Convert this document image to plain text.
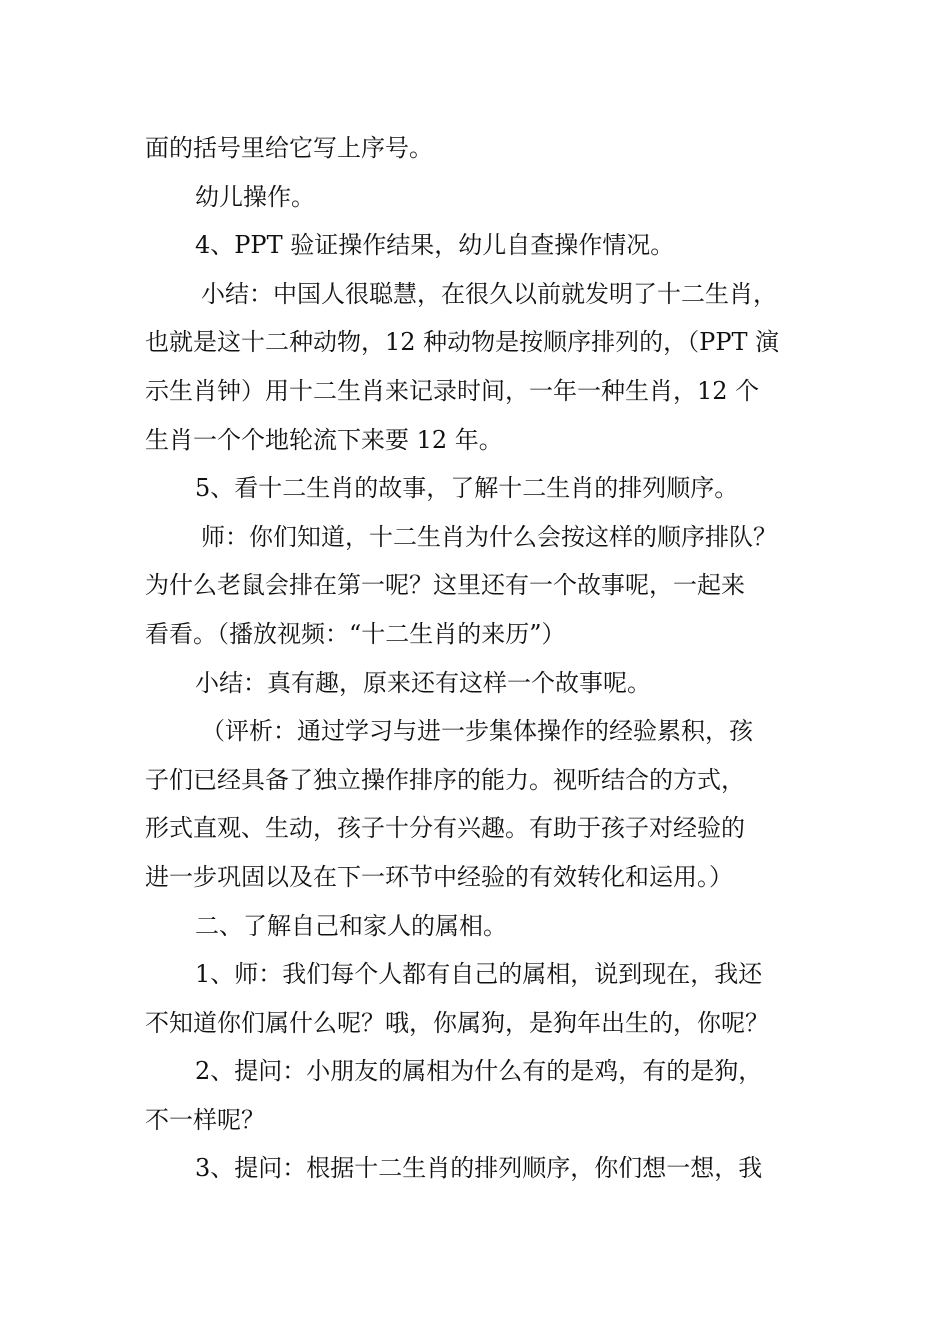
面的括号里给它写上序号。
幼儿操作。
4、PPT 验证操作结果，幼儿自查操作情况。
小结：中国人很聪慧，在很久以前就发明了十二生肖，
也就是这十二种动物，12 种动物是按顺序排列的，（PPT 演
示生肖钟）用十二生肖来记录时间，一年一种生肖，12 个
生肖一个个地轮流下来要 12 年。
5、看十二生肖的故事，了解十二生肖的排列顺序。
师：你们知道，十二生肖为什么会按这样的顺序排队？
为什么老鼠会排在第一呢？这里还有一个故事呢，一起来
看看。（播放视频：“十二生肖的来历”）
小结：真有趣，原来还有这样一个故事呢。
（评析：通过学习与进一步集体操作的经验累积，孩
子们已经具备了独立操作排序的能力。视听结合的方式，
形式直观、生动，孩子十分有兴趣。有助于孩子对经验的
进一步巩固以及在下一环节中经验的有效转化和运用。）
二、了解自己和家人的属相。
1、师：我们每个人都有自己的属相，说到现在，我还
不知道你们属什么呢？哦，你属狗，是狗年出生的，你呢？
2、提问：小朋友的属相为什么有的是鸡，有的是狗，
不一样呢？
3、提问：根据十二生肖的排列顺序，你们想一想，我
